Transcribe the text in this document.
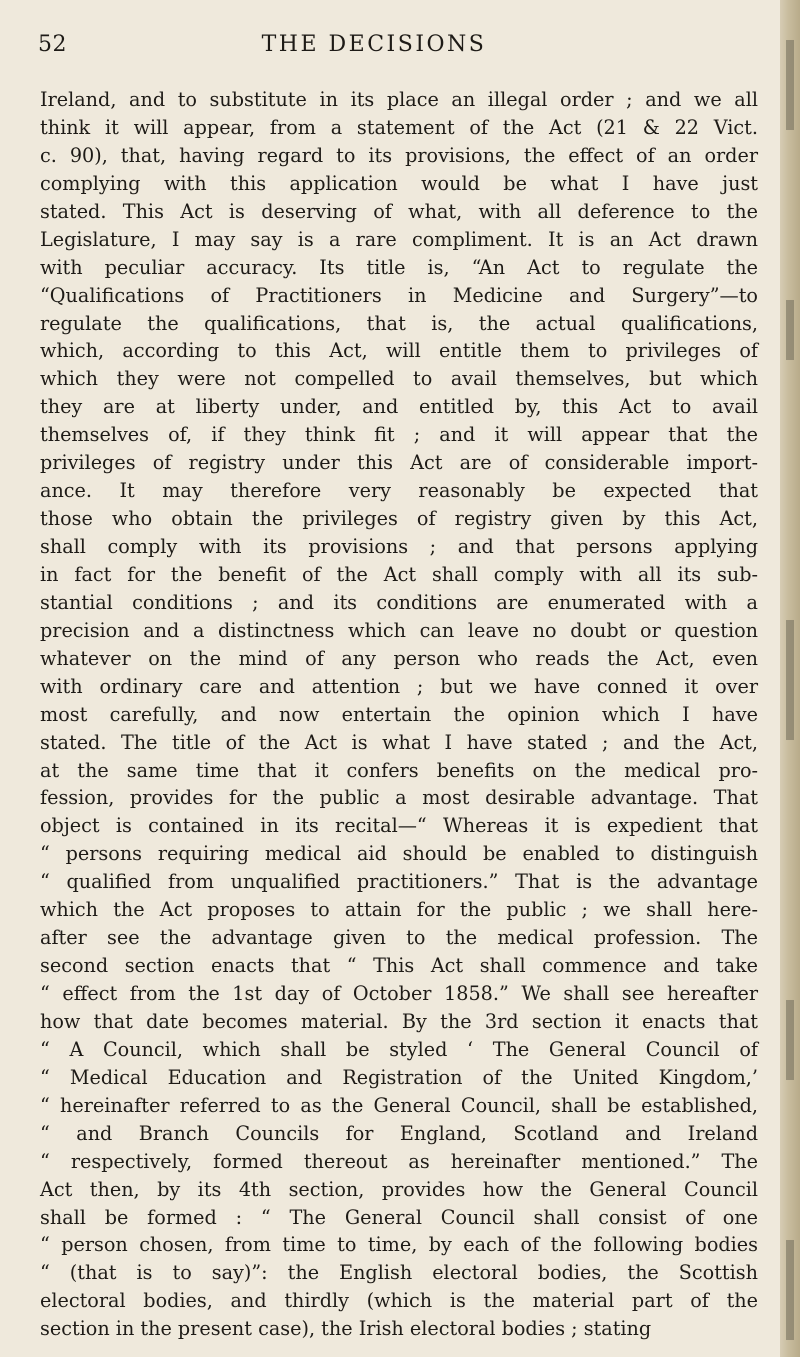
52	THE DECISIONS
Ireland, and to substitute in its place an illegal order ; and we all
think it will appear, from a statement of the Act (21 & 22 Vict.
c. 90), that, having regard to its provisions, the effect of an order
complying with this application would be what I have just
stated. This Act is deserving of what, with all deference to the
Legislature, I may say is a rare compliment. It is an Act drawn
with peculiar accuracy. Its title is, “An Act to regulate the
“Qualifications of Practitioners in Medicine and Surgery”—to
regulate the qualifications, that is, the actual qualifications,
which, according to this Act, will entitle them to privileges of
which they were not compelled to avail themselves, but which
they are at liberty under, and entitled by, this Act to avail
themselves of, if they think fit ; and it will appear that the
privileges of registry under this Act are of considerable import-
ance. It may therefore very reasonably be expected that
those who obtain the privileges of registry given by this Act,
shall comply with its provisions ; and that persons applying
in fact for the benefit of the Act shall comply with all its sub-
stantial conditions ; and its conditions are enumerated with a
precision and a distinctness which can leave no doubt or question
whatever on the mind of any person who reads the Act, even
with ordinary care and attention ; but we have conned it over
most carefully, and now entertain the opinion which I have
stated. The title of the Act is what I have stated ; and the Act,
at the same time that it confers benefits on the medical pro-
fession, provides for the public a most desirable advantage. That
object is contained in its recital—“ Whereas it is expedient that
“ persons requiring medical aid should be enabled to distinguish
“ qualified from unqualified practitioners.” That is the advantage
which the Act proposes to attain for the public ; we shall here-
after see the advantage given to the medical profession. The
second section enacts that “ This Act shall commence and take
“ effect from the 1st day of October 1858.” We shall see hereafter
how that date becomes material. By the 3rd section it enacts that
“ A Council, which shall be styled ‘ The General Council of
“ Medical Education and Registration of the United Kingdom,’
“ hereinafter referred to as the General Council, shall be established,
“ and Branch Councils for England, Scotland and Ireland
“ respectively, formed thereout as hereinafter mentioned.” The
Act then, by its 4th section, provides how the General Council
shall be formed : “ The General Council shall consist of one
“ person chosen, from time to time, by each of the following bodies
“ (that is to say)”: the English electoral bodies, the Scottish
electoral bodies, and thirdly (which is the material part of the
section in the present case), the Irish electoral bodies ; stating
